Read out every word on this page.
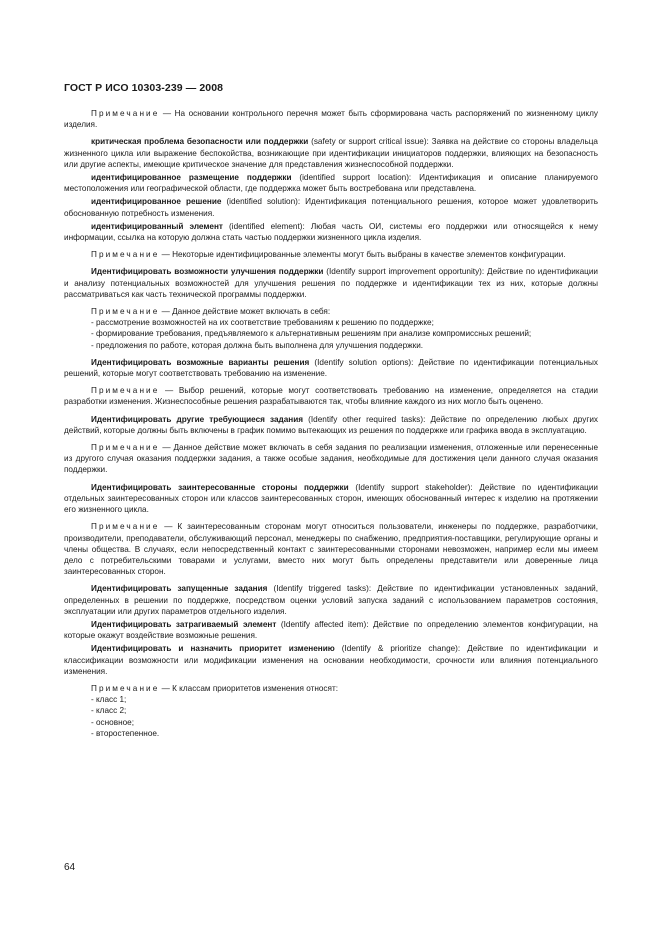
ГОСТ Р ИСО 10303-239 — 2008

Примечание — На основании контрольного перечня может быть сформирована часть распоряжений по жизненному циклу изделия.

критическая проблема безопасности или поддержки (safety or support critical issue): Заявка на действие со стороны владельца жизненного цикла или выражение беспокойства, возникающие при идентификации инициаторов поддержки, влияющих на безопасность или другие аспекты, имеющие критическое значение для представления жизнеспособной поддержки.

идентифицированное размещение поддержки (identified support location): Идентификация и описание планируемого местоположения или географической области, где поддержка может быть востребована или представлена.

идентифицированное решение (identified solution): Идентификация потенциального решения, которое может удовлетворить обоснованную потребность изменения.

идентифицированный элемент (identified element): Любая часть ОИ, системы его поддержки или относящейся к нему информации, ссылка на которую должна стать частью поддержки жизненного цикла изделия.

Примечание — Некоторые идентифицированные элементы могут быть выбраны в качестве элементов конфигурации.

Идентифицировать возможности улучшения поддержки (Identify support improvement opportunity): Действие по идентификации и анализу потенциальных возможностей для улучшения решения по поддержке и идентификации тех из них, которые должны рассматриваться как часть технической программы поддержки.

Примечание — Данное действие может включать в себя:

- рассмотрение возможностей на их соответствие требованиям к решению по поддержке;

- формирование требования, предъявляемого к альтернативным решениям при анализе компромиссных решений;

- предложения по работе, которая должна быть выполнена для улучшения поддержки.

Идентифицировать возможные варианты решения (Identify solution options): Действие по идентификации потенциальных решений, которые могут соответствовать требованию на изменение.

Примечание — Выбор решений, которые могут соответствовать требованию на изменение, определяется на стадии разработки изменения. Жизнеспособные решения разрабатываются так, чтобы влияние каждого из них могло быть оценено.

Идентифицировать другие требующиеся задания (Identify other required tasks): Действие по определению любых других действий, которые должны быть включены в график помимо вытекающих из решения по поддержке или графика ввода в эксплуатацию.

Примечание — Данное действие может включать в себя задания по реализации изменения, отложенные или перенесенные из другого случая оказания поддержки задания, а также особые задания, необходимые для достижения цели данного случая оказания поддержки.

Идентифицировать заинтересованные стороны поддержки (Identify support stakeholder): Действие по идентификации отдельных заинтересованных сторон или классов заинтересованных сторон, имеющих обоснованный интерес к изделию на протяжении его жизненного цикла.

Примечание — К заинтересованным сторонам могут относиться пользователи, инженеры по поддержке, разработчики, производители, преподаватели, обслуживающий персонал, менеджеры по снабжению, предприятия-поставщики, регулирующие органы и члены общества. В случаях, если непосредственный контакт с заинтересованными сторонами невозможен, например если мы имеем дело с потребительскими товарами и услугами, вместо них могут быть определены представители или доверенные лица заинтересованных сторон.

Идентифицировать запущенные задания (Identify triggered tasks): Действие по идентификации установленных заданий, определенных в решении по поддержке, посредством оценки условий запуска заданий с использованием параметров состояния, эксплуатации или других параметров отдельного изделия.

Идентифицировать затрагиваемый элемент (Identify affected item): Действие по определению элементов конфигурации, на которые окажут воздействие возможные решения.

Идентифицировать и назначить приоритет изменению (Identify & prioritize change): Действие по идентификации и классификации возможности или модификации изменения на основании необходимости, срочности или влияния потенциального изменения.

Примечание — К классам приоритетов изменения относят:

- класс 1;

- класс 2;

- основное;

- второстепенное.

64
